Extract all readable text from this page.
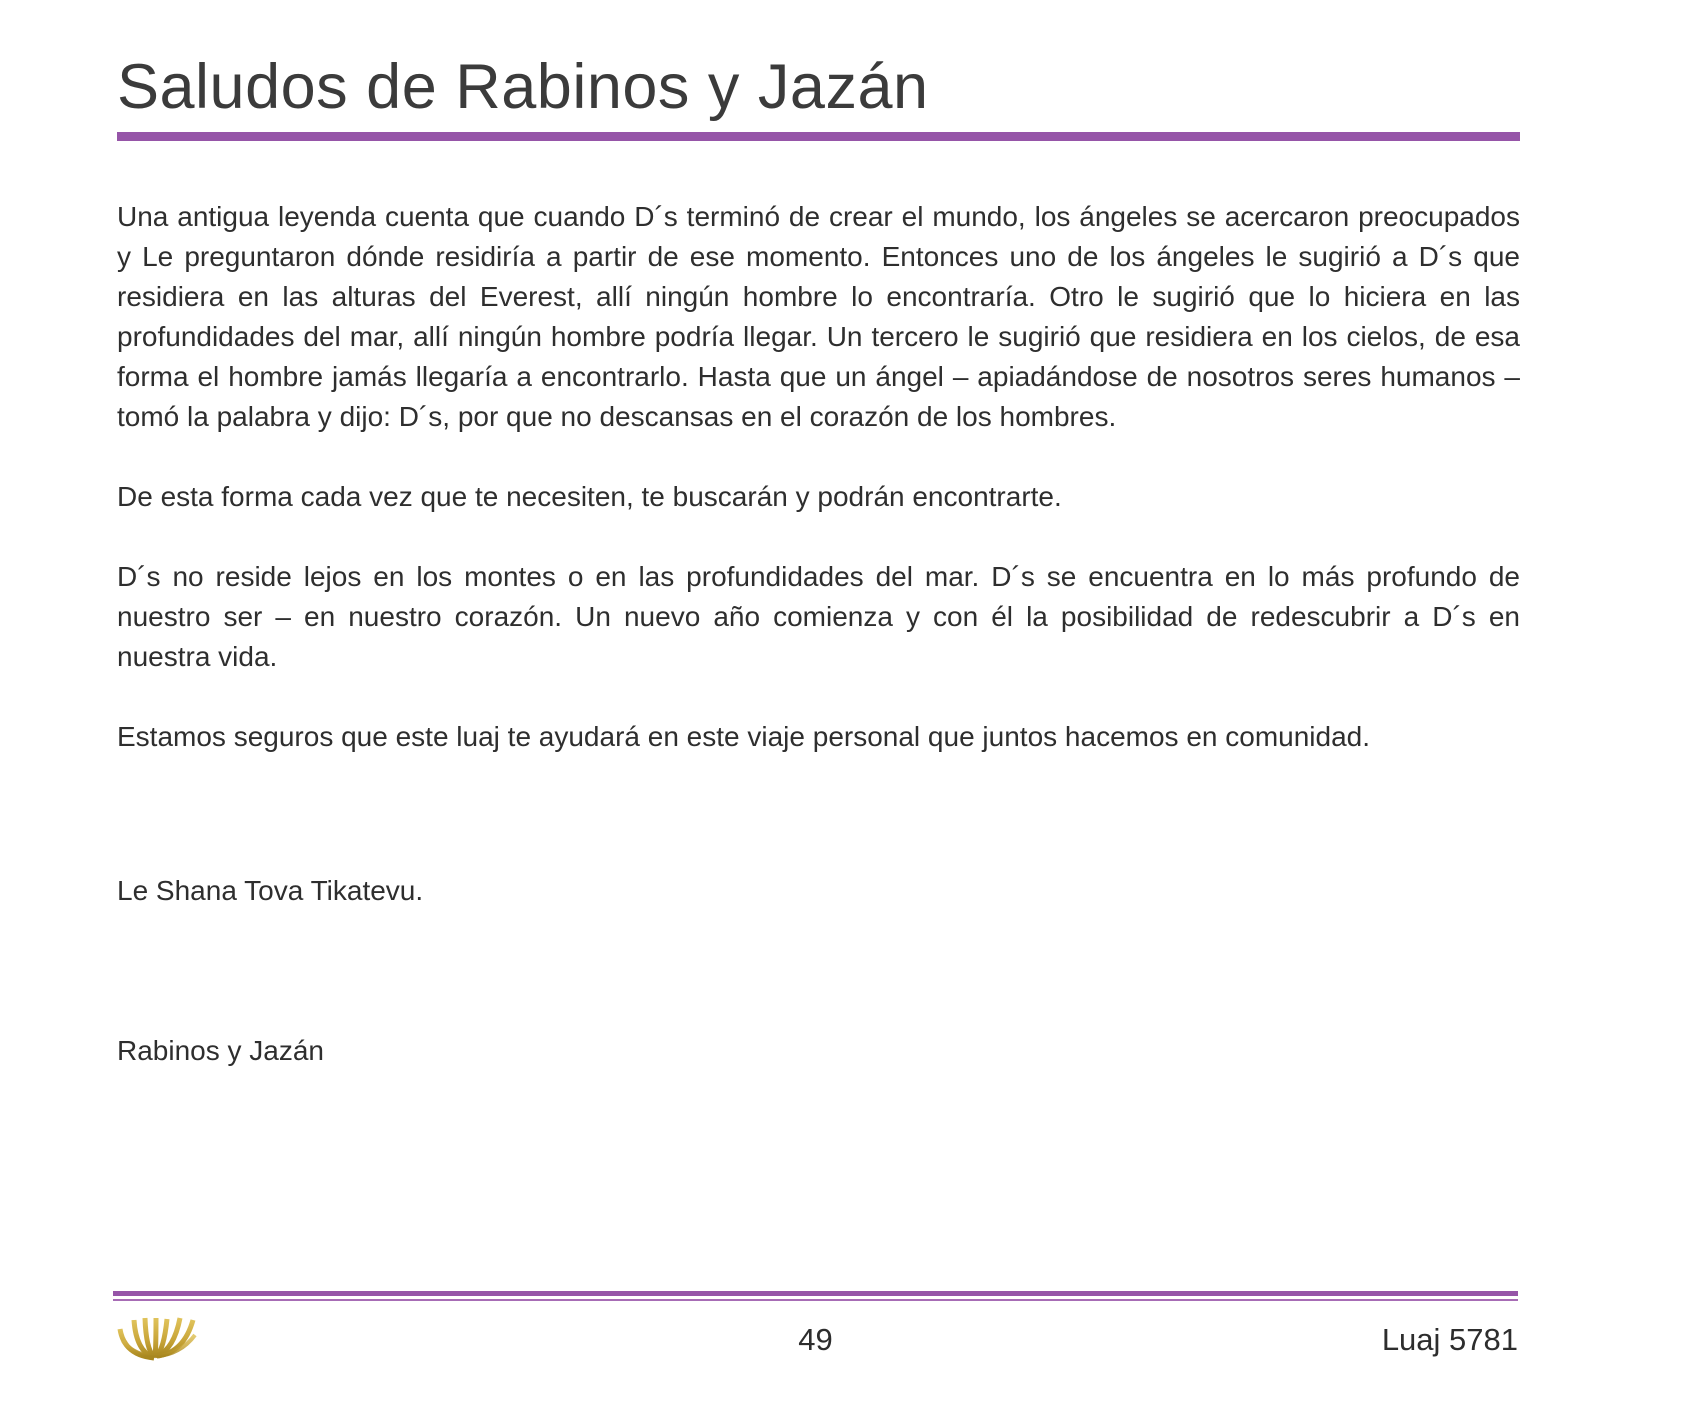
Saludos de Rabinos y Jazán

Una antigua leyenda cuenta que cuando D´s terminó de crear el mundo, los ángeles se acercaron preocupados y Le preguntaron dónde residiría a partir de ese momento. Entonces uno de los ángeles le sugirió a D´s que residiera en las alturas del Everest, allí ningún hombre lo encontraría. Otro le sugirió que lo hiciera en las profundidades del mar, allí ningún hombre podría llegar. Un tercero le sugirió que residiera en los cielos, de esa forma el hombre jamás llegaría a encontrarlo. Hasta que un ángel – apiadándose de nosotros seres humanos – tomó la palabra y dijo: D´s, por que no descansas en el corazón de los hombres.

De esta forma cada vez que te necesiten, te buscarán y podrán encontrarte.

D´s no reside lejos en los montes o en las profundidades del mar. D´s se encuentra en lo más profundo de nuestro ser – en nuestro corazón. Un nuevo año comienza y con él la posibilidad de redescubrir a D´s en nuestra vida.

Estamos seguros que este luaj te ayudará en este viaje personal que juntos hacemos en comunidad.

Le Shana Tova Tikatevu.
Rabinos y Jazán
49	Luaj 5781
